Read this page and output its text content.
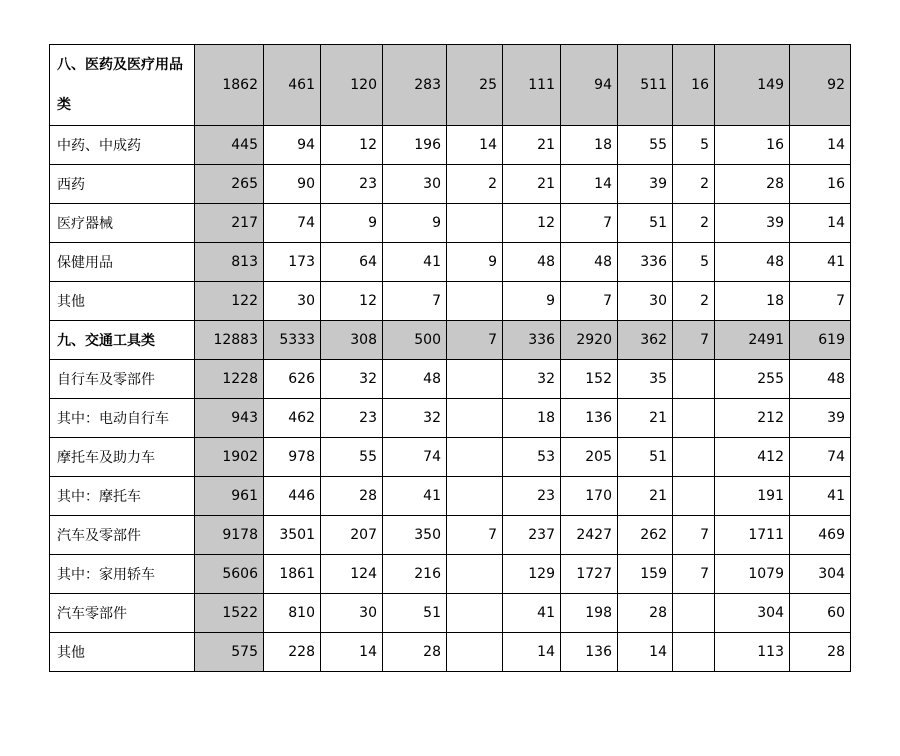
八、医药及医疗用品类	1862	461	120	283	25	111	94	511	16	149	92
中药、中成药	445	94	12	196	14	21	18	55	5	16	14
西药	265	90	23	30	2	21	14	39	2	28	16
医疗器械	217	74	9	9		12	7	51	2	39	14
保健用品	813	173	64	41	9	48	48	336	5	48	41
其他	122	30	12	7		9	7	30	2	18	7
九、交通工具类	12883	5333	308	500	7	336	2920	362	7	2491	619
自行车及零部件	1228	626	32	48		32	152	35		255	48
其中：电动自行车	943	462	23	32		18	136	21		212	39
摩托车及助力车	1902	978	55	74		53	205	51		412	74
其中：摩托车	961	446	28	41		23	170	21		191	41
汽车及零部件	9178	3501	207	350	7	237	2427	262	7	1711	469
其中：家用轿车	5606	1861	124	216		129	1727	159	7	1079	304
汽车零部件	1522	810	30	51		41	198	28		304	60
其他	575	228	14	28		14	136	14		113	28
